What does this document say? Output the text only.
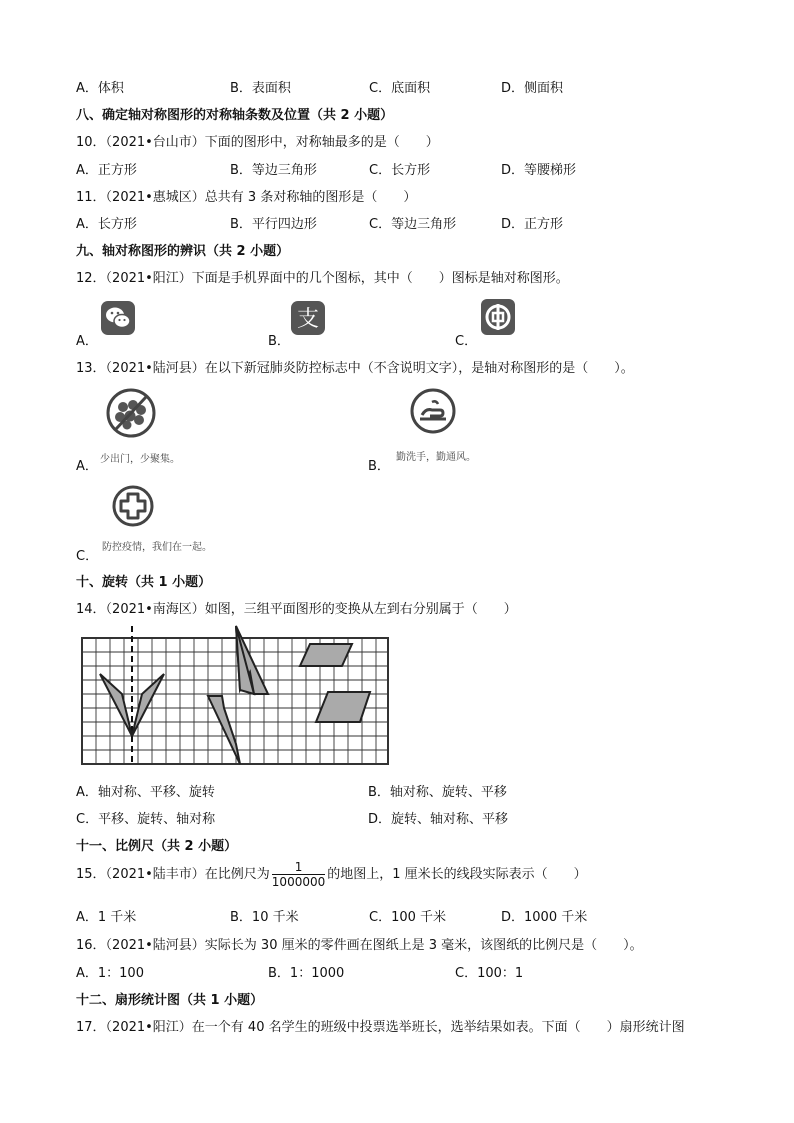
A．体积	B．表面积	C．底面积	D．侧面积
八、确定轴对称图形的对称轴条数及位置（共 2 小题）
10．（2021•台山市）下面的图形中，对称轴最多的是（　　）
A．正方形	B．等边三角形	C．长方形	D．等腰梯形
11．（2021•惠城区）总共有 3 条对称轴的图形是（　　）
A．长方形	B．平行四边形	C．等边三角形	D．正方形
九、轴对称图形的辨识（共 2 小题）
12．（2021•阳江）下面是手机界面中的几个图标，其中（　　）图标是轴对称图形。
A．	B．
支
C．
13．（2021•陆河县）在以下新冠肺炎防控标志中（不含说明文字），是轴对称图形的是（　　）。
A． 少出门，少聚集。	B．
勤洗手，勤通风。
C．
防控疫情，我们在一起。
十、旋转（共 1 小题）
14．（2021•南海区）如图，三组平面图形的变换从左到右分别属于（　　）
A．轴对称、平移、旋转	B．轴对称、旋转、平移
C．平移、旋转、轴对称	D．旋转、轴对称、平移
十一、比例尺（共 2 小题）
15．（2021•陆丰市）在比例尺为 $\frac{1}{1000000}$ 的地图上，1 厘米长的线段实际表示（　　）
A．1 千米	B．10 千米	C．100 千米	D．1000 千米
16．（2021•陆河县）实际长为 30 厘米的零件画在图纸上是 3 毫米，该图纸的比例尺是（　　）。
A．1：100	B．1：1000	C．100：1
十二、扇形统计图（共 1 小题）
17．（2021•阳江）在一个有 40 名学生的班级中投票选举班长，选举结果如表。下面（　　）扇形统计图
